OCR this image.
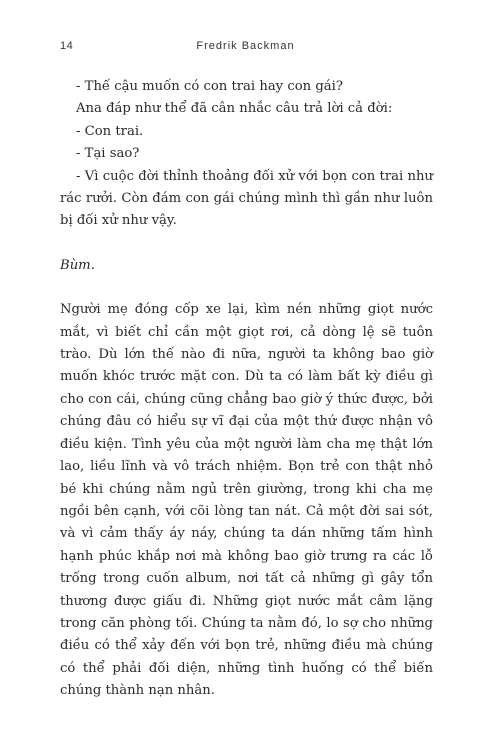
14	Fredrik Backman

- Thế cậu muốn có con trai hay con gái?

Ana đáp như thể đã cân nhắc câu trả lời cả đời:

- Con trai.

- Tại sao?

- Vì cuộc đời thỉnh thoảng đối xử với bọn con trai như rác rưởi. Còn đám con gái chúng mình thì gần như luôn bị đối xử như vậy.

Bùm.

Người mẹ đóng cốp xe lại, kìm nén những giọt nước mắt, vì biết chỉ cần một giọt rơi, cả dòng lệ sẽ tuôn trào. Dù lớn thế nào đi nữa, người ta không bao giờ muốn khóc trước mặt con. Dù ta có làm bất kỳ điều gì cho con cái, chúng cũng chẳng bao giờ ý thức được, bởi chúng đâu có hiểu sự vĩ đại của một thứ được nhận vô điều kiện. Tình yêu của một người làm cha mẹ thật lớn lao, liều lĩnh và vô trách nhiệm. Bọn trẻ con thật nhỏ bé khi chúng nằm ngủ trên giường, trong khi cha mẹ ngồi bên cạnh, với cõi lòng tan nát. Cả một đời sai sót, và vì cảm thấy áy náy, chúng ta dán những tấm hình hạnh phúc khắp nơi mà không bao giờ trưng ra các lỗ trống trong cuốn album, nơi tất cả những gì gây tổn thương được giấu đi. Những giọt nước mắt câm lặng trong căn phòng tối. Chúng ta nằm đó, lo sợ cho những điều có thể xảy đến với bọn trẻ, những điều mà chúng có thể phải đối diện, những tình huống có thể biến chúng thành nạn nhân.
